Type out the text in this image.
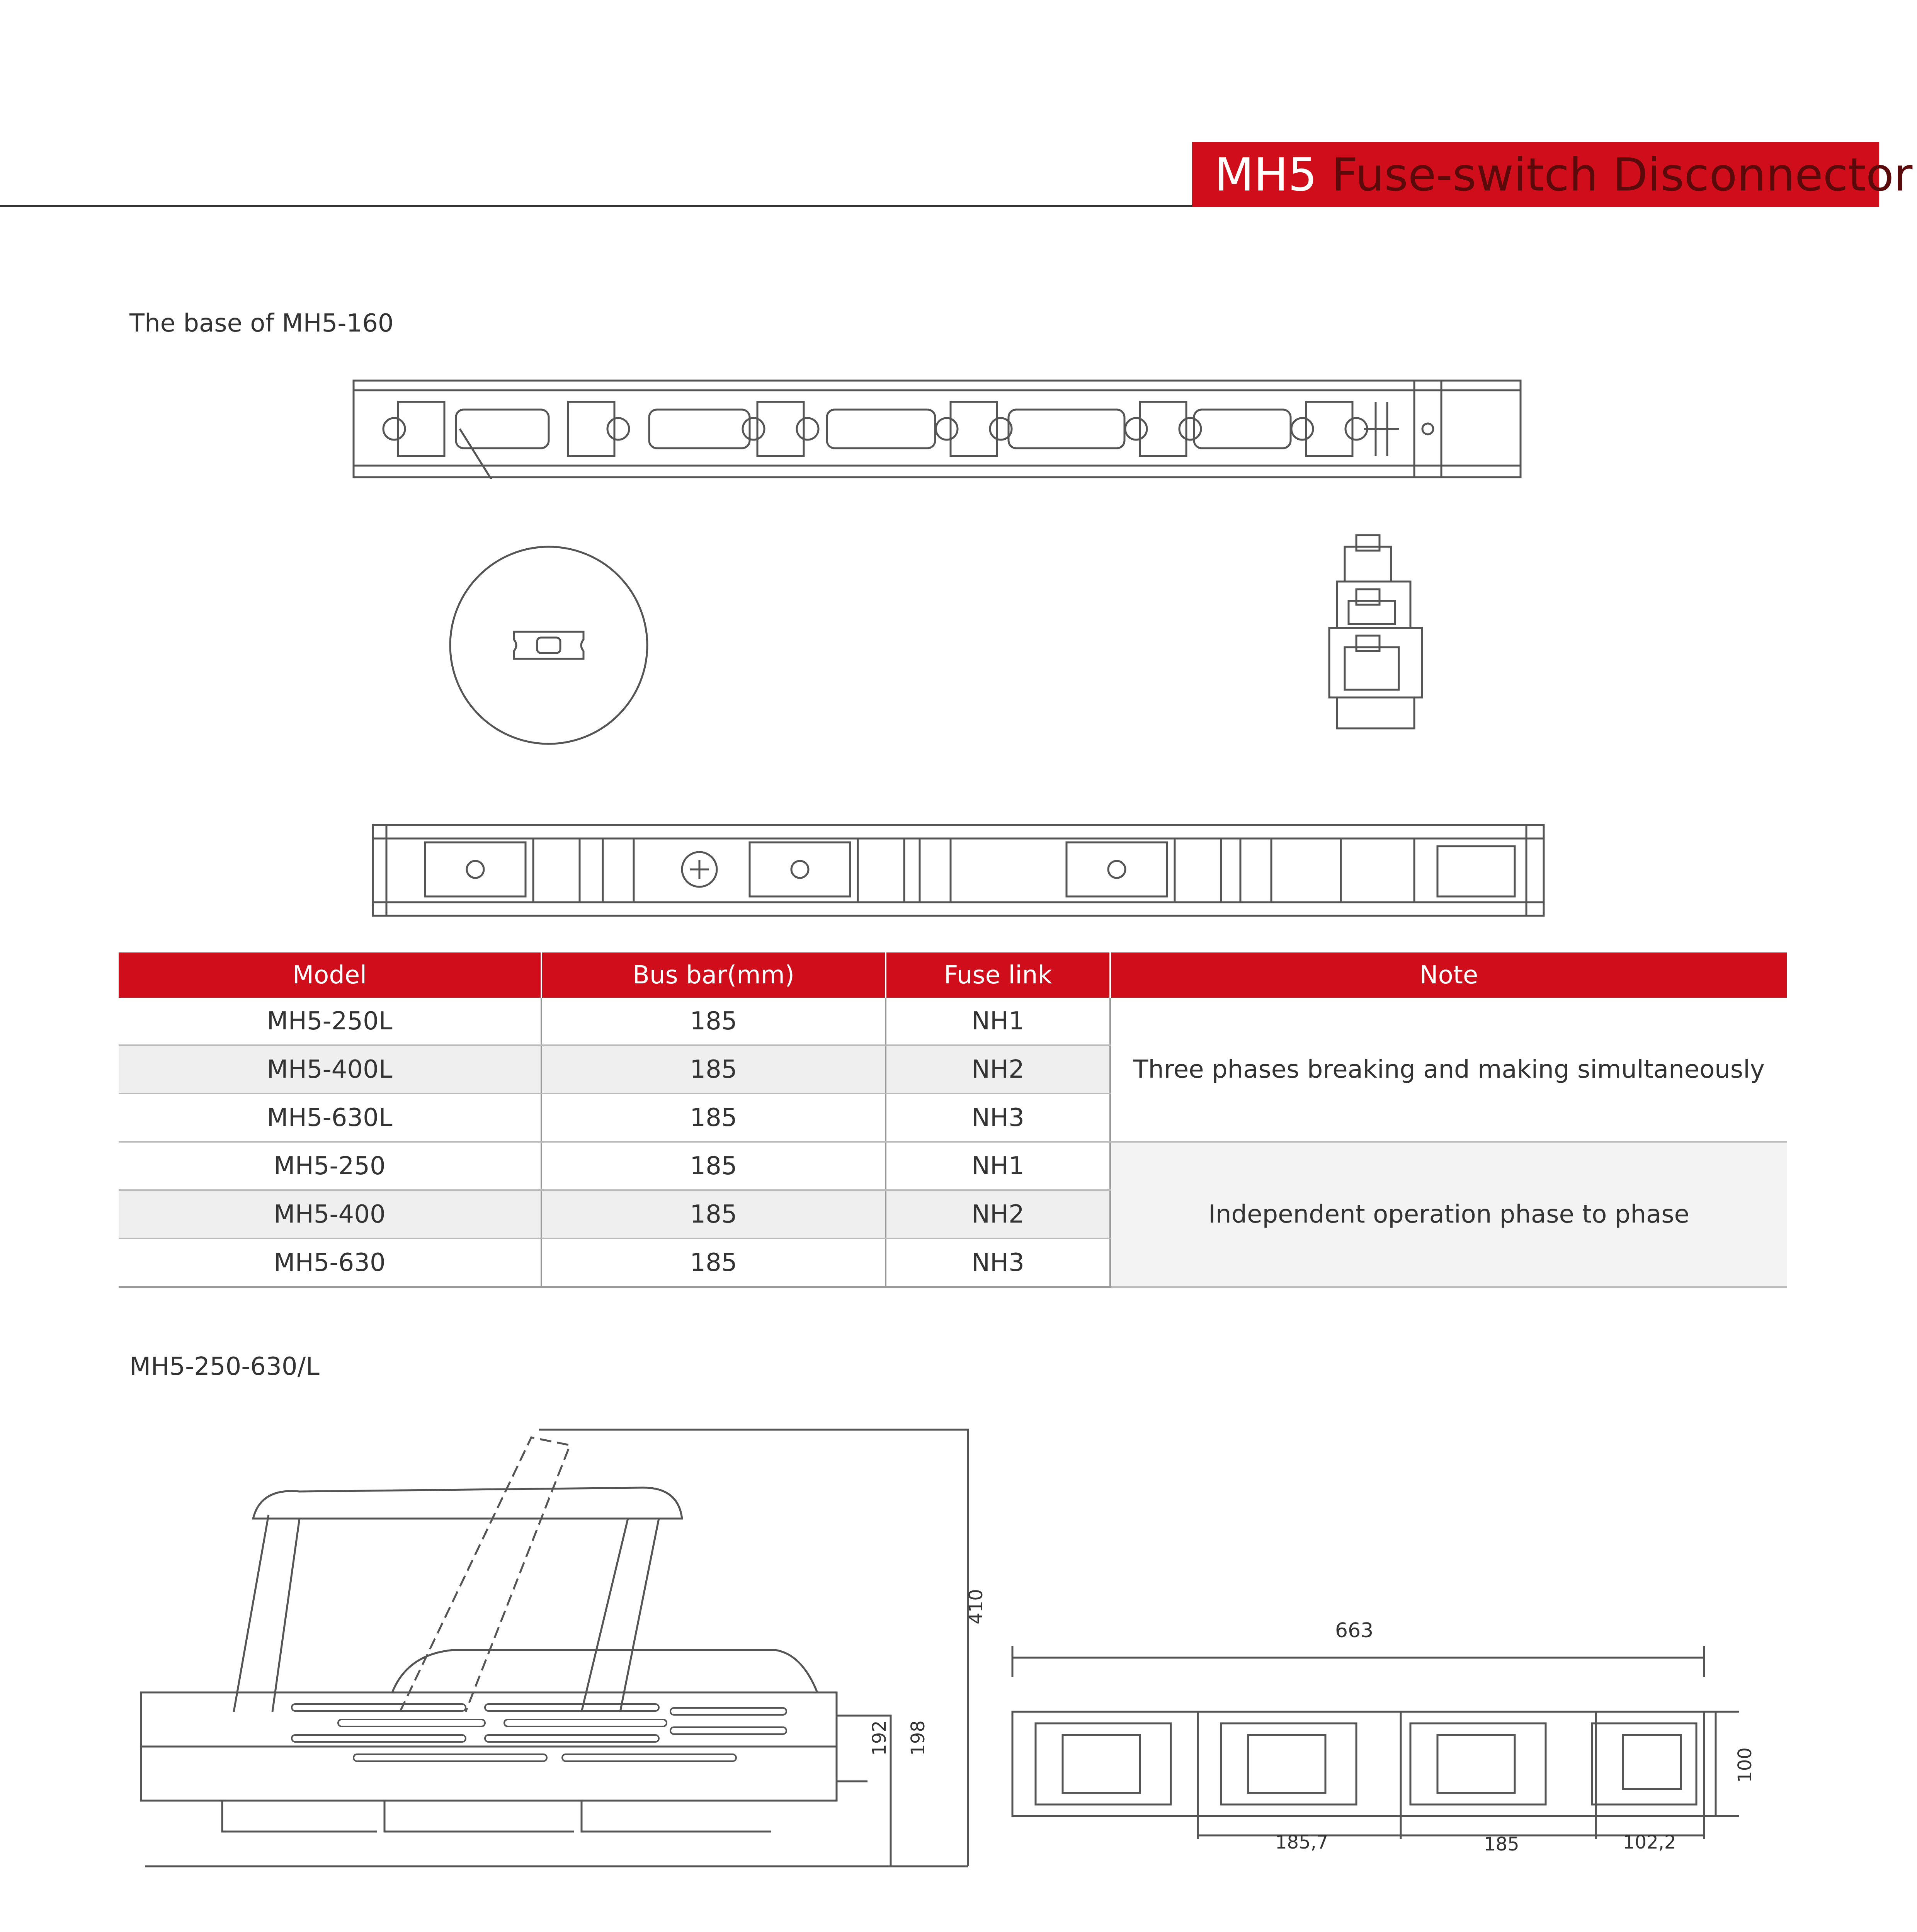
MH5 Fuse-switch Disconnector
The base of MH5-160
Model	Bus bar(mm)	Fuse link	Note
MH5-250L	185	NH1	Three phases breaking and making simultaneously
MH5-400L	185	NH2	
MH5-630L	185	NH3	
MH5-250	185	NH1	Independent operation phase to phase
MH5-400	185	NH2	
MH5-630	185	NH3	
MH5-250-630/L
410
192 198
663
100
185,7	185	102,2
